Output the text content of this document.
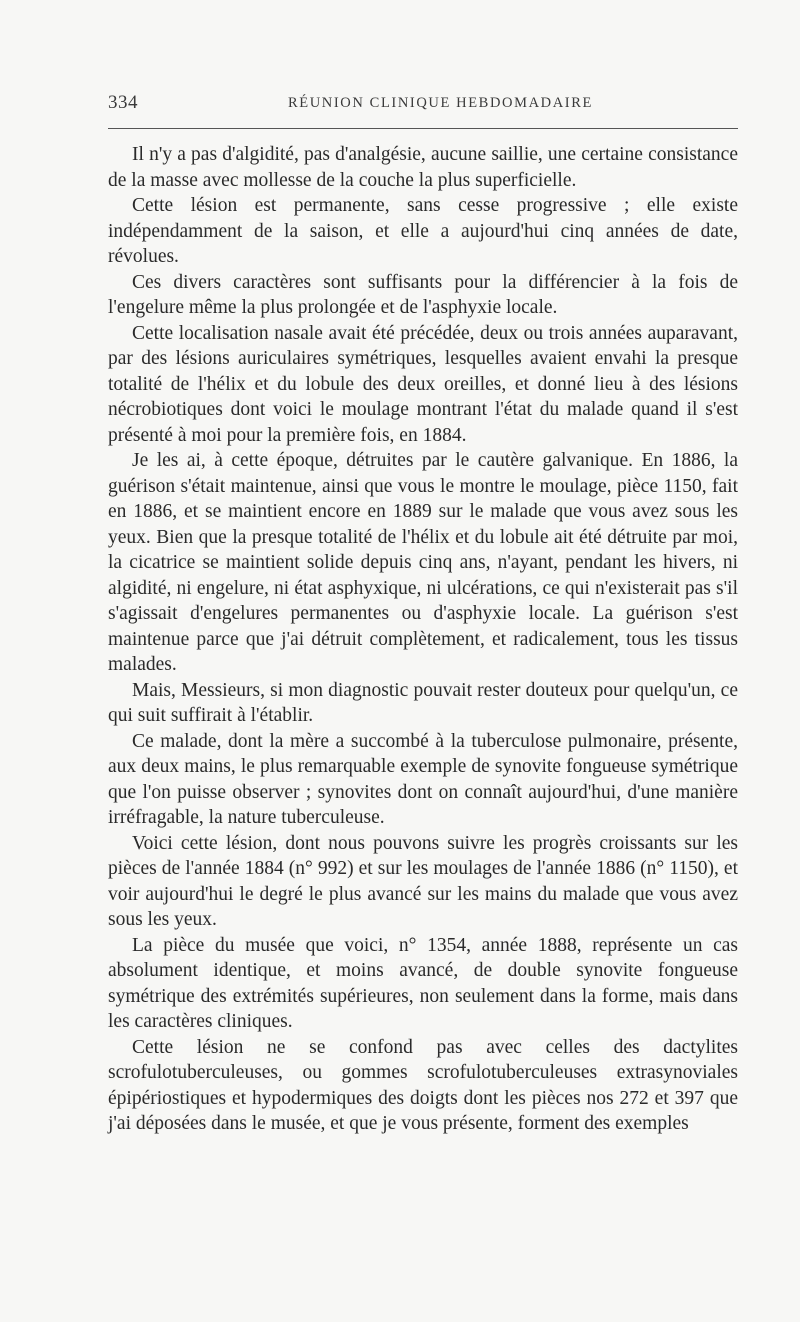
334	RÉUNION CLINIQUE HEBDOMADAIRE

Il n'y a pas d'algidité, pas d'analgésie, aucune saillie, une certaine consistance de la masse avec mollesse de la couche la plus superficielle.

Cette lésion est permanente, sans cesse progressive ; elle existe indépendamment de la saison, et elle a aujourd'hui cinq années de date, révolues.

Ces divers caractères sont suffisants pour la différencier à la fois de l'engelure même la plus prolongée et de l'asphyxie locale.

Cette localisation nasale avait été précédée, deux ou trois années auparavant, par des lésions auriculaires symétriques, lesquelles avaient envahi la presque totalité de l'hélix et du lobule des deux oreilles, et donné lieu à des lésions nécrobiotiques dont voici le moulage montrant l'état du malade quand il s'est présenté à moi pour la première fois, en 1884.

Je les ai, à cette époque, détruites par le cautère galvanique. En 1886, la guérison s'était maintenue, ainsi que vous le montre le moulage, pièce 1150, fait en 1886, et se maintient encore en 1889 sur le malade que vous avez sous les yeux. Bien que la presque totalité de l'hélix et du lobule ait été détruite par moi, la cicatrice se maintient solide depuis cinq ans, n'ayant, pendant les hivers, ni algidité, ni engelure, ni état asphyxique, ni ulcérations, ce qui n'existerait pas s'il s'agissait d'engelures permanentes ou d'asphyxie locale. La guérison s'est maintenue parce que j'ai détruit complètement, et radicalement, tous les tissus malades.

Mais, Messieurs, si mon diagnostic pouvait rester douteux pour quelqu'un, ce qui suit suffirait à l'établir.

Ce malade, dont la mère a succombé à la tuberculose pulmonaire, présente, aux deux mains, le plus remarquable exemple de synovite fongueuse symétrique que l'on puisse observer ; synovites dont on connaît aujourd'hui, d'une manière irréfragable, la nature tuberculeuse.

Voici cette lésion, dont nous pouvons suivre les progrès croissants sur les pièces de l'année 1884 (n° 992) et sur les moulages de l'année 1886 (n° 1150), et voir aujourd'hui le degré le plus avancé sur les mains du malade que vous avez sous les yeux.

La pièce du musée que voici, n° 1354, année 1888, représente un cas absolument identique, et moins avancé, de double synovite fongueuse symétrique des extrémités supérieures, non seulement dans la forme, mais dans les caractères cliniques.

Cette lésion ne se confond pas avec celles des dactylites scrofulotuberculeuses, ou gommes scrofulotuberculeuses extrasynoviales épipériostiques et hypodermiques des doigts dont les pièces nos 272 et 397 que j'ai déposées dans le musée, et que je vous présente, forment des exemples
